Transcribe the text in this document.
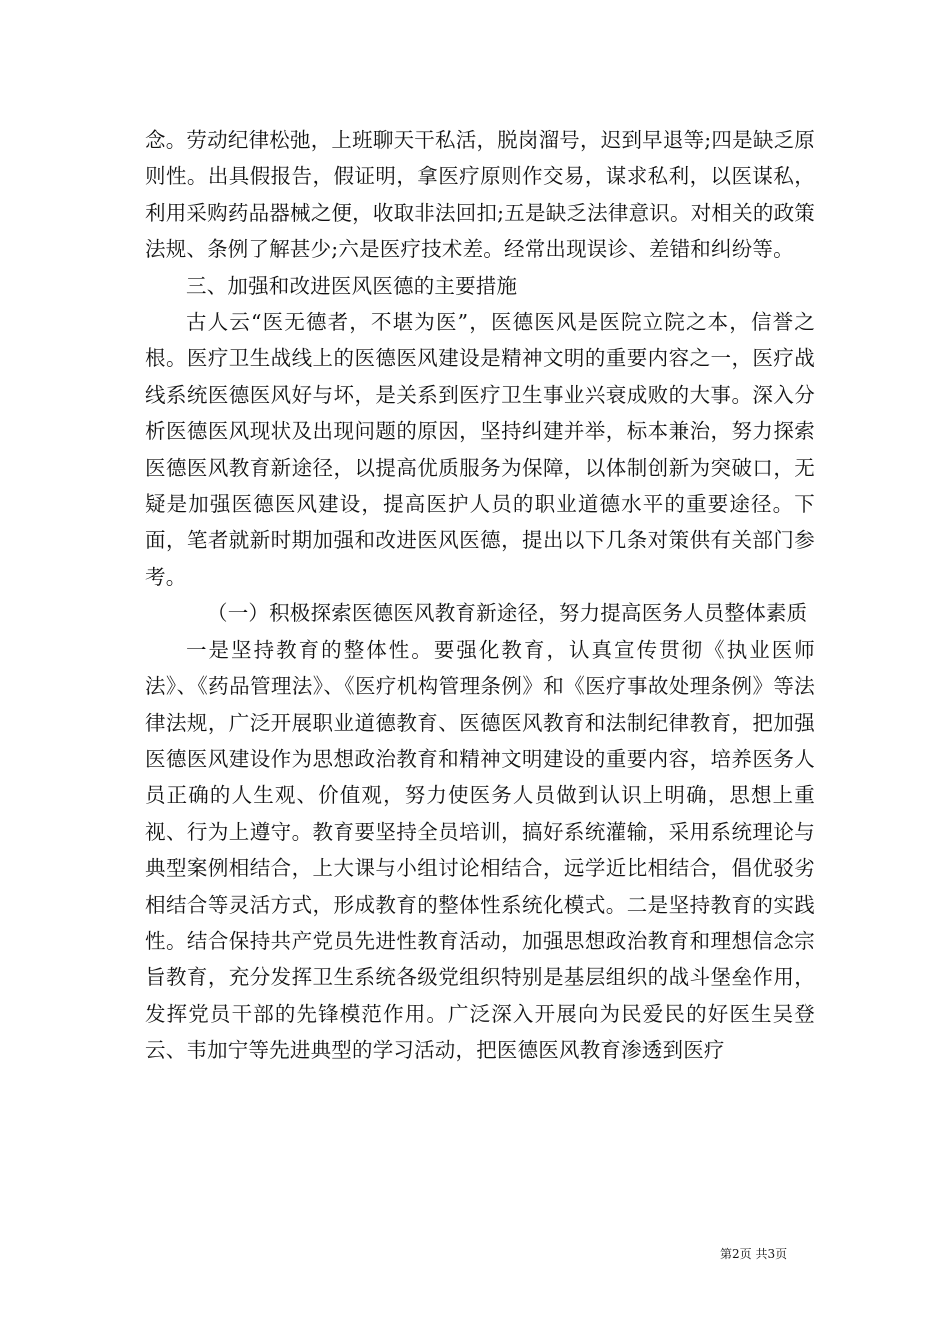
念。劳动纪律松弛，上班聊天干私活，脱岗溜号，迟到早退等;四是缺乏原则性。出具假报告，假证明，拿医疗原则作交易，谋求私利，以医谋私，利用采购药品器械之便，收取非法回扣;五是缺乏法律意识。对相关的政策法规、条例了解甚少;六是医疗技术差。经常出现误诊、差错和纠纷等。

三、加强和改进医风医德的主要措施

古人云“医无德者，不堪为医”，医德医风是医院立院之本，信誉之根。医疗卫生战线上的医德医风建设是精神文明的重要内容之一，医疗战线系统医德医风好与坏，是关系到医疗卫生事业兴衰成败的大事。深入分析医德医风现状及出现问题的原因，坚持纠建并举，标本兼治，努力探索医德医风教育新途径，以提高优质服务为保障，以体制创新为突破口，无疑是加强医德医风建设，提高医护人员的职业道德水平的重要途径。下面，笔者就新时期加强和改进医风医德，提出以下几条对策供有关部门参考。

（一）积极探索医德医风教育新途径，努力提高医务人员整体素质

一是坚持教育的整体性。要强化教育，认真宣传贯彻《执业医师法》、《药品管理法》、《医疗机构管理条例》和《医疗事故处理条例》等法律法规，广泛开展职业道德教育、医德医风教育和法制纪律教育，把加强医德医风建设作为思想政治教育和精神文明建设的重要内容，培养医务人员正确的人生观、价值观，努力使医务人员做到认识上明确，思想上重视、行为上遵守。教育要坚持全员培训，搞好系统灌输，采用系统理论与典型案例相结合，上大课与小组讨论相结合，远学近比相结合，倡优驳劣相结合等灵活方式，形成教育的整体性系统化模式。二是坚持教育的实践性。结合保持共产党员先进性教育活动，加强思想政治教育和理想信念宗旨教育，充分发挥卫生系统各级党组织特别是基层组织的战斗堡垒作用，发挥党员干部的先锋模范作用。广泛深入开展向为民爱民的好医生吴登云、韦加宁等先进典型的学习活动，把医德医风教育渗透到医疗

第2页 共3页
